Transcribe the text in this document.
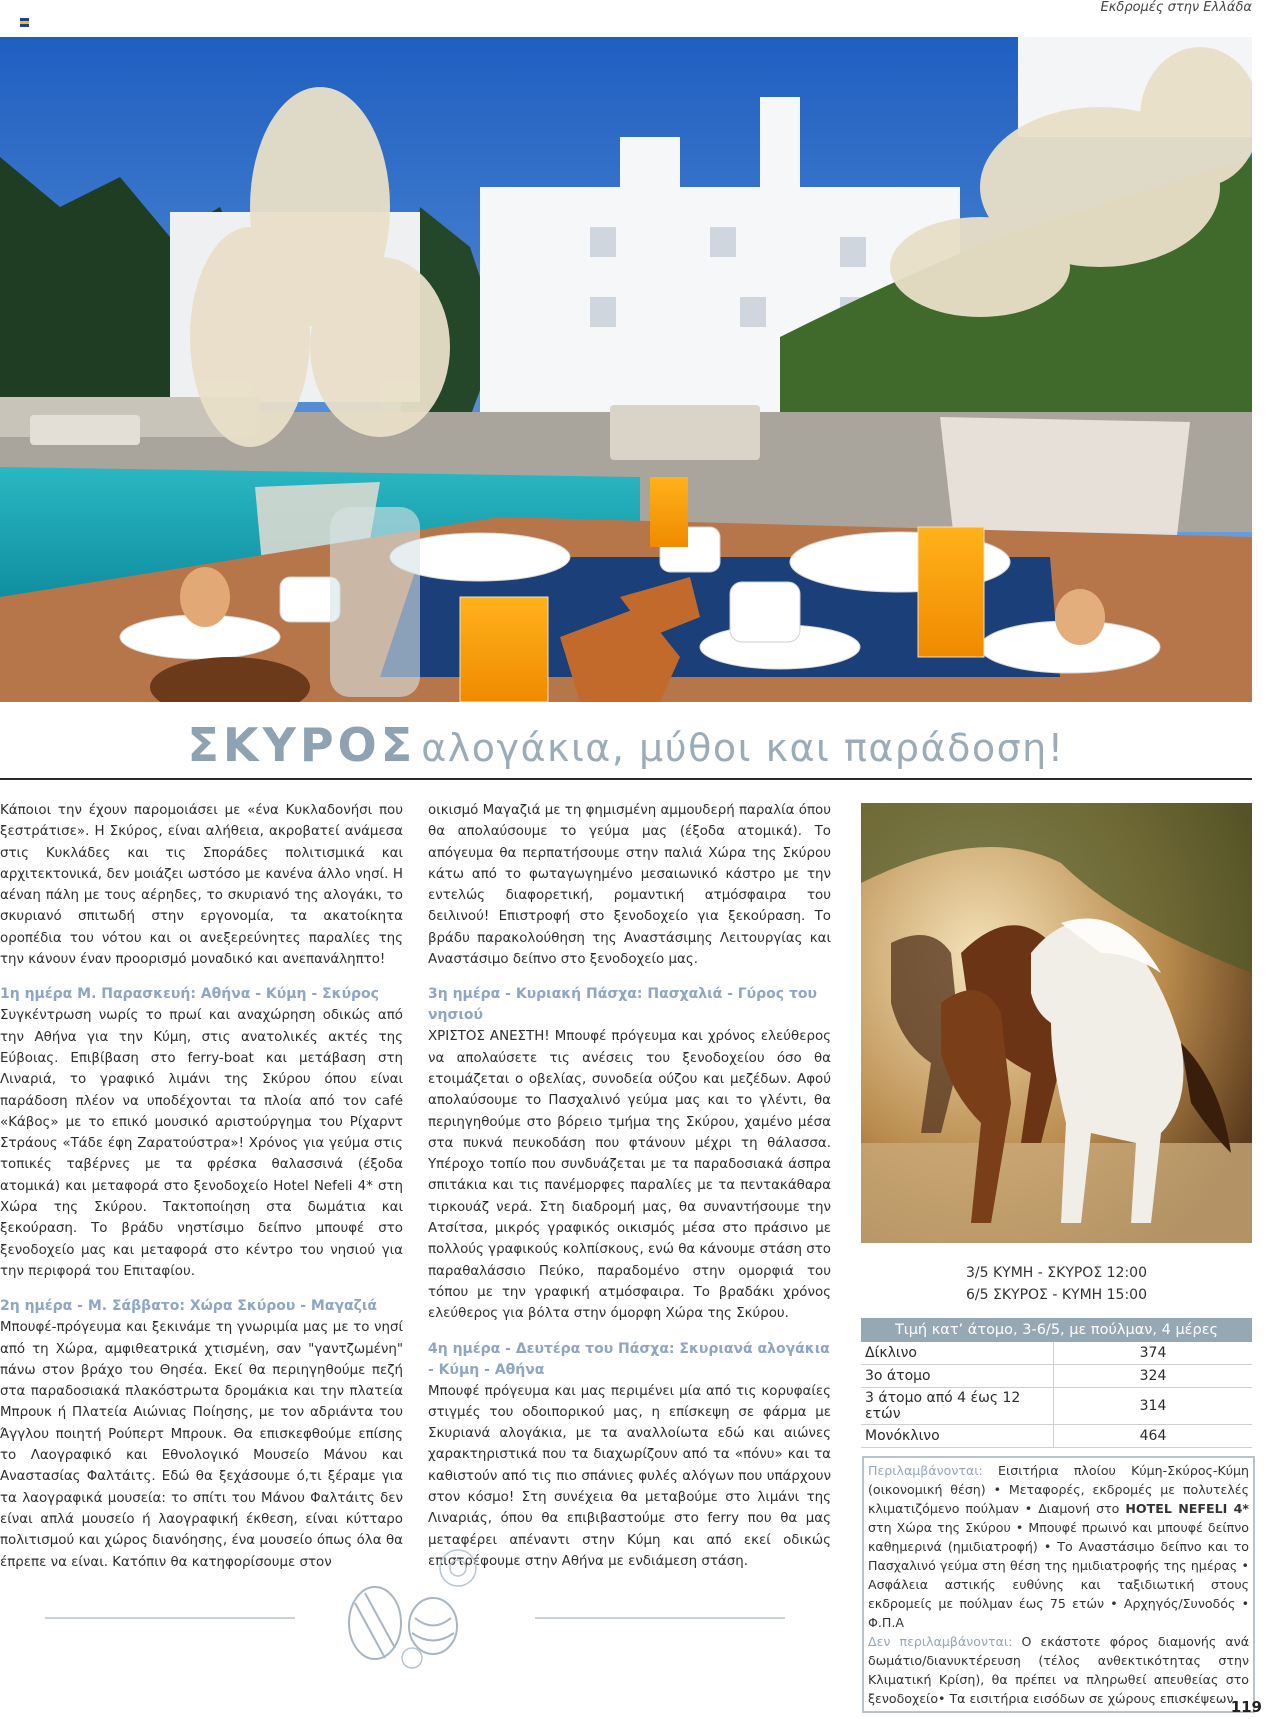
Εκδρομές στην Ελλάδα
ΣΚΥΡΟΣ αλογάκια, μύθοι και παράδοση!

Κάποιοι την έχουν παρομοιάσει με «ένα Κυκλαδονήσι που ξεστράτισε». Η Σκύρος, είναι αλήθεια, ακροβατεί ανάμεσα στις Κυκλάδες και τις Σποράδες πολιτισμικά και αρχιτεκτονικά, δεν μοιάζει ωστόσο με κανένα άλλο νησί. Η αέναη πάλη με τους αέρηδες, το σκυριανό της αλογάκι, το σκυριανό σπιτωδή στην εργονομία, τα ακατοίκητα οροπέδια του νότου και οι ανεξερεύνητες παραλίες της την κάνουν έναν προορισμό μοναδικό και ανεπανάληπτο!

1η ημέρα Μ. Παρασκευή: Αθήνα - Κύμη - Σκύρος

Συγκέντρωση νωρίς το πρωί και αναχώρηση οδικώς από την Αθήνα για την Κύμη, στις ανατολικές ακτές της Εύβοιας. Επιβίβαση στο ferry-boat και μετάβαση στη Λιναριά, το γραφικό λιμάνι της Σκύρου όπου είναι παράδοση πλέον να υποδέχονται τα πλοία από τον café «Κάβος» με το επικό μουσικό αριστούργημα του Ρίχαρντ Στράους «Τάδε έφη Ζαρατούστρα»! Χρόνος για γεύμα στις τοπικές ταβέρνες με τα φρέσκα θαλασσινά (έξοδα ατομικά) και μεταφορά στο ξενοδοχείο Hotel Nefeli 4* στη Χώρα της Σκύρου. Τακτοποίηση στα δωμάτια και ξεκούραση. Το βράδυ νηστίσιμο δείπνο μπουφέ στο ξενοδοχείο μας και μεταφορά στο κέντρο του νησιού για την περιφορά του Επιταφίου.

2η ημέρα - Μ. Σάββατο: Χώρα Σκύρου - Μαγαζιά

Μπουφέ-πρόγευμα και ξεκινάμε τη γνωριμία μας με το νησί από τη Χώρα, αμφιθεατρικά χτισμένη, σαν "γαντζωμένη" πάνω στον βράχο του Θησέα. Εκεί θα περιηγηθούμε πεζή στα παραδοσιακά πλακόστρωτα δρομάκια και την πλατεία Μπρουκ ή Πλατεία Αιώνιας Ποίησης, με τον αδριάντα του Άγγλου ποιητή Ρούπερτ Μπρουκ. Θα επισκεφθούμε επίσης το Λαογραφικό και Εθνολογικό Μουσείο Μάνου και Αναστασίας Φαλτάιτς. Εδώ θα ξεχάσουμε ό,τι ξέραμε για τα λαογραφικά μουσεία: το σπίτι του Μάνου Φαλτάιτς δεν είναι απλά μουσείο ή λαογραφική έκθεση, είναι κύτταρο πολιτισμού και χώρος διανόησης, ένα μουσείο όπως όλα θα έπρεπε να είναι. Κατόπιν θα κατηφορίσουμε στον

οικισμό Μαγαζιά με τη φημισμένη αμμουδερή παραλία όπου θα απολαύσουμε το γεύμα μας (έξοδα ατομικά). Το απόγευμα θα περπατήσουμε στην παλιά Χώρα της Σκύρου κάτω από το φωταγωγημένο μεσαιωνικό κάστρο με την εντελώς διαφορετική, ρομαντική ατμόσφαιρα του δειλινού! Επιστροφή στο ξενοδοχείο για ξεκούραση. Το βράδυ παρακολούθηση της Αναστάσιμης Λειτουργίας και Αναστάσιμο δείπνο στο ξενοδοχείο μας.

3η ημέρα - Κυριακή Πάσχα: Πασχαλιά - Γύρος του νησιού

ΧΡΙΣΤΟΣ ΑΝΕΣΤΗ! Μπουφέ πρόγευμα και χρόνος ελεύθερος να απολαύσετε τις ανέσεις του ξενοδοχείου όσο θα ετοιμάζεται ο οβελίας, συνοδεία ούζου και μεζέδων. Αφού απολαύσουμε το Πασχαλινό γεύμα μας και το γλέντι, θα περιηγηθούμε στο βόρειο τμήμα της Σκύρου, χαμένο μέσα στα πυκνά πευκοδάση που φτάνουν μέχρι τη θάλασσα. Υπέροχο τοπίο που συνδυάζεται με τα παραδοσιακά άσπρα σπιτάκια και τις πανέμορφες παραλίες με τα πεντακάθαρα τιρκουάζ νερά. Στη διαδρομή μας, θα συναντήσουμε την Ατσίτσα, μικρός γραφικός οικισμός μέσα στο πράσινο με πολλούς γραφικούς κολπίσκους, ενώ θα κάνουμε στάση στο παραθαλάσσιο Πεύκο, παραδομένο στην ομορφιά του τόπου με την γραφική ατμόσφαιρα. Το βραδάκι χρόνος ελεύθερος για βόλτα στην όμορφη Χώρα της Σκύρου.

4η ημέρα - Δευτέρα του Πάσχα: Σκυριανά αλογάκια - Κύμη - Αθήνα

Μπουφέ πρόγευμα και μας περιμένει μία από τις κορυφαίες στιγμές του οδοιπορικού μας, η επίσκεψη σε φάρμα με Σκυριανά αλογάκια, με τα αναλλοίωτα εδώ και αιώνες χαρακτηριστικά που τα διαχωρίζουν από τα «πόνυ» και τα καθιστούν από τις πιο σπάνιες φυλές αλόγων που υπάρχουν στον κόσμο! Στη συνέχεια θα μεταβούμε στο λιμάνι της Λιναριάς, όπου θα επιβιβαστούμε στο ferry που θα μας μεταφέρει απέναντι στην Κύμη και από εκεί οδικώς επιστρέφουμε στην Αθήνα με ενδιάμεση στάση.

3/5 ΚΥΜΗ - ΣΚΥΡΟΣ 12:00
6/5 ΣΚΥΡΟΣ - ΚΥΜΗ 15:00
Τιμή κατ’ άτομο, 3-6/5, με πούλμαν, 4 μέρες
Δίκλινο	374
3ο άτομο	324
3 άτομο από 4 έως 12 ετών	314
Μονόκλινο	464
Περιλαμβάνονται: Εισιτήρια πλοίου Κύμη-Σκύρος-Κύμη (οικονομική θέση) • Μεταφορές, εκδρομές με πολυτελές κλιματιζόμενο πούλμαν • Διαμονή στο HOTEL NEFELI 4* στη Χώρα της Σκύρου • Μπουφέ πρωινό και μπουφέ δείπνο καθημερινά (ημιδιατροφή) • Το Αναστάσιμο δείπνο και το Πασχαλινό γεύμα στη θέση της ημιδιατροφής της ημέρας • Ασφάλεια αστικής ευθύνης και ταξιδιωτική στους εκδρομείς με πούλμαν έως 75 ετών • Αρχηγός/Συνοδός • Φ.Π.Α
Δεν περιλαμβάνονται: Ο εκάστοτε φόρος διαμονής ανά δωμάτιο/διανυκτέρευση (τέλος ανθεκτικότητας στην Κλιματική Κρίση), θα πρέπει να πληρωθεί απευθείας στο ξενοδοχείο• Τα εισιτήρια εισόδων σε χώρους επισκέψεων.
119
